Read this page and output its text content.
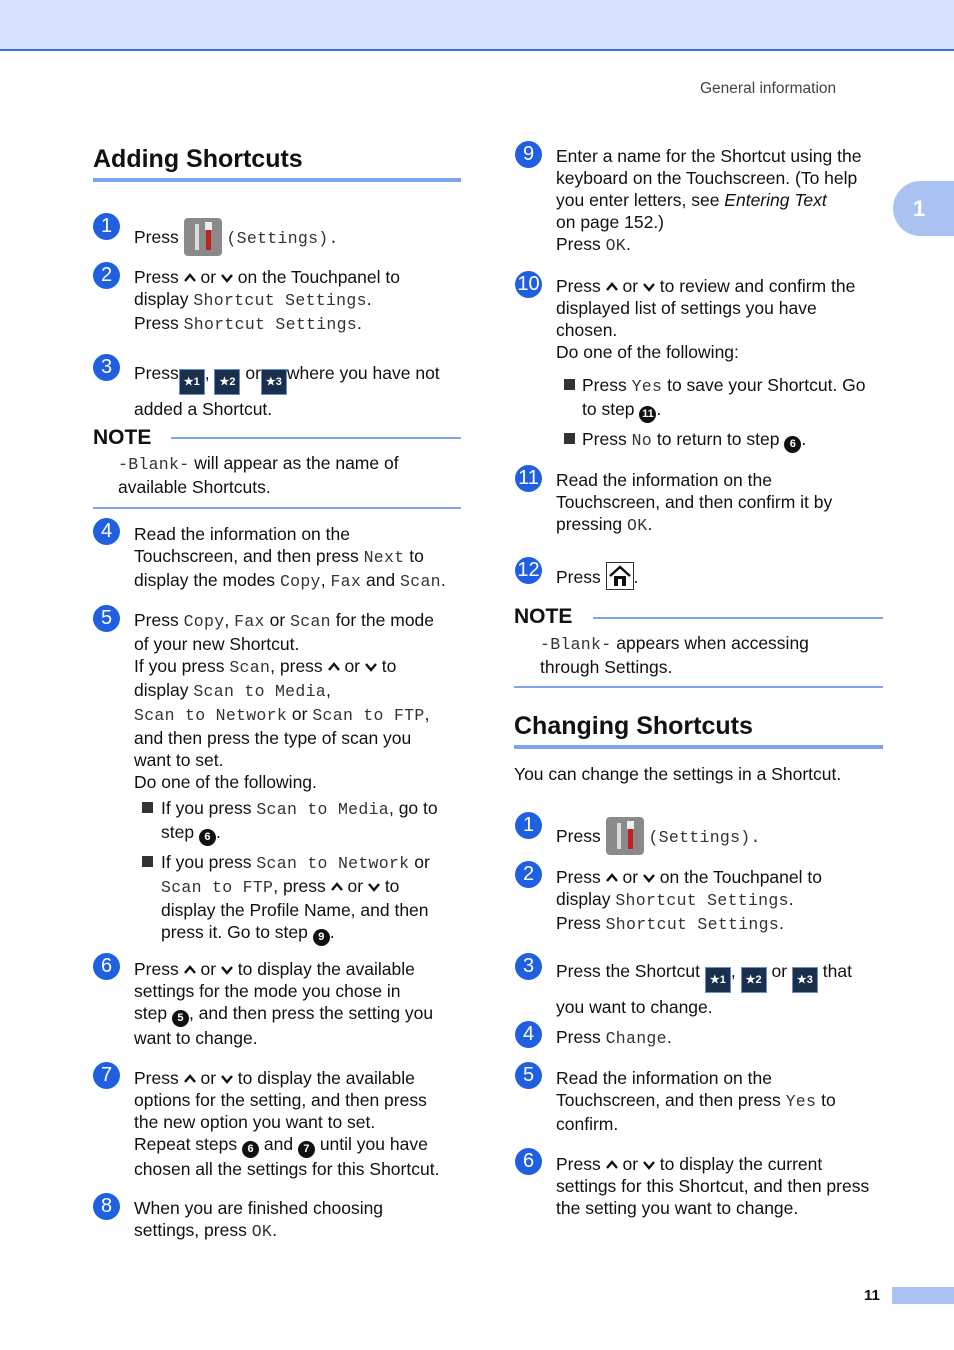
General information
1
Adding Shortcuts
1	Press	(Settings).
2	Press or on the Touchpanel to
display Shortcut Settings.
Press Shortcut Settings.
3	Press ★1 , ★2 or ★3 where you have not
added a Shortcut.
NOTE
-Blank- will appear as the name of
available Shortcuts.
4	Read the information on the
Touchscreen, and then press Next to
display the modes Copy, Fax and Scan.
5	Press Copy, Fax or Scan for the mode
of your new Shortcut.
If you press Scan, press or to
display Scan to Media,
Scan to Network or Scan to FTP,
and then press the type of scan you
want to set.
Do one of the following.
If you press Scan to Media, go to
step 6 .
If you press Scan to Network or
Scan to FTP, press or to
display the Profile Name, and then
press it. Go to step 9 .
6	Press or to display the available
settings for the mode you chose in
step 5 , and then press the setting you
want to change.
7	Press or to display the available
options for the setting, and then press
the new option you want to set.
Repeat steps 6 and 7 until you have
chosen all the settings for this Shortcut.
8	When you are finished choosing
settings, press OK.
9	Enter a name for the Shortcut using the
keyboard on the Touchscreen. (To help
you enter letters, see Entering Text
on page 152.)
Press OK.
10 Press or to review and confirm the
displayed list of settings you have
chosen.
Do one of the following:
Press Yes to save your Shortcut. Go
to step 11 .
Press No to return to step 6 .
11 Read the information on the
Touchscreen, and then confirm it by
pressing OK.
12 Press .
NOTE
-Blank- appears when accessing
through Settings.
Changing Shortcuts
You can change the settings in a Shortcut.
1	Press	(Settings).
2	Press or on the Touchpanel to
display Shortcut Settings.
Press Shortcut Settings.
3	Press the Shortcut ★1 , ★2 or ★3 that
you want to change.
4	Press Change.
5	Read the information on the
Touchscreen, and then press Yes to
confirm.
6	Press or to display the current
settings for this Shortcut, and then press
the setting you want to change.
11
